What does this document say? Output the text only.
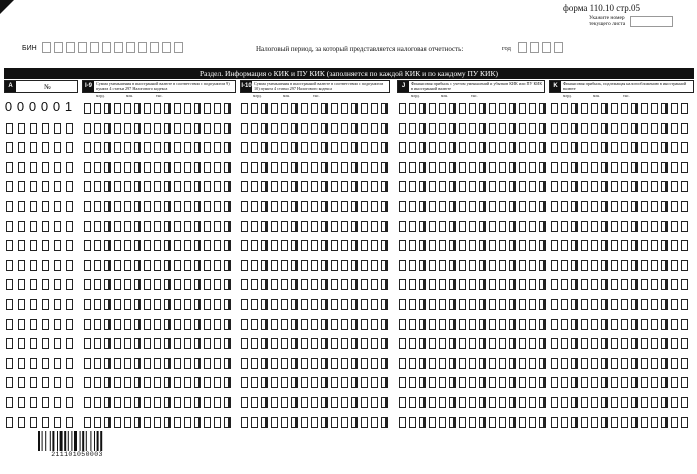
форма 110.10 стр.05
Укажите номер текущего листа
БИН	Налоговый период, за который представляется налоговая отчетность:	год
Раздел. Информация о КИК и ПУ КИК (заполняется по каждой КИК и по каждому ПУ КИК)
A	№	I-9 Сумма уменьшения в иностранной валюте в соответствии с подпунктом 9) пункта 4 статьи 297 Налогового кодекса	I-10 Сумма уменьшения в иностранной валюте в соответствии с подпунктом 10) пункта 4 статьи 297 Налогового кодекса	J	Финансовая прибыль с учетом уменьшений и убытков КИК или ПУ КИК в иностранной валюте	K	Финансовая прибыль, подлежащая налогообложению в иностранной валюте
млрд.	млн.	тыс.	млрд.	млн.	тыс.	млрд.	млн.	тыс.	млрд.	млн.	тыс.
0 0 0 0 0 1
211101050003
